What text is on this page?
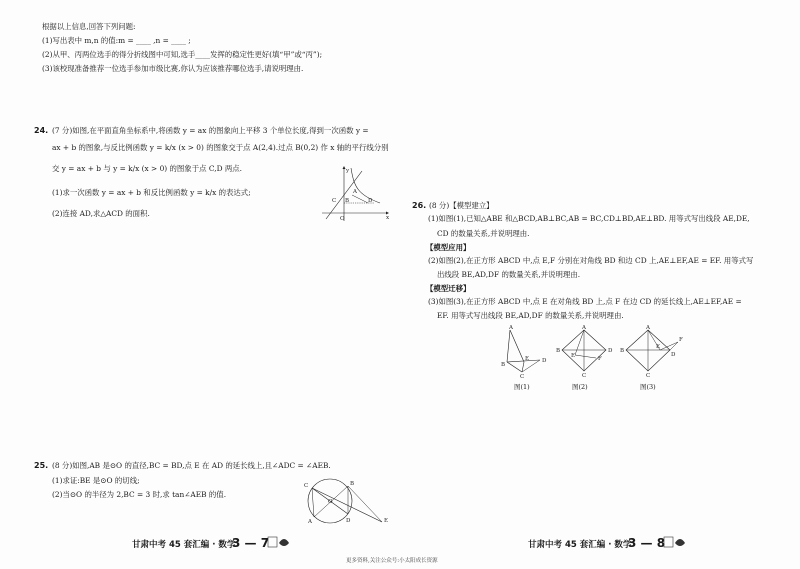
根据以上信息,回答下列问题:
(1)写出表中 m,n 的值:m = ____ ,n = ____ ;
(2)从甲、丙两位选手的得分折线图中可知,选手____发挥的稳定性更好(填“甲”或“丙”);
(3)该校现准备推荐一位选手参加市级比赛,你认为应该推荐哪位选手,请说明理由.
24. (7 分)如图,在平面直角坐标系中,将函数 y = ax 的图象向上平移 3 个单位长度,得到一次函数 y =
ax + b 的图象,与反比例函数 y = k/x (x > 0) 的图象交于点 A(2,4).过点 B(0,2) 作 x 轴的平行线分别
交 y = ax + b 与 y = k/x (x > 0) 的图象于点 C,D 两点.
(1)求一次函数 y = ax + b 和反比例函数 y = k/x 的表达式;
(2)连接 AD,求△ACD 的面积.
y
x
A
B
C	D
O
25. (8 分)如图,AB 是⊙O 的直径,BC = BD,点 E 在 AD 的延长线上,且∠ADC = ∠AEB.
(1)求证:BE 是⊙O 的切线;
(2)当⊙O 的半径为 2,BC = 3 时,求 tan∠AEB 的值.
C	B
O
A	D	E
26. (8 分)【模型建立】
(1)如图(1),已知△ABE 和△BCD,AB⊥BC,AB = BC,CD⊥BD,AE⊥BD. 用等式写出线段 AE,DE,
CD 的数量关系,并说明理由.
【模型应用】
(2)如图(2),在正方形 ABCD 中,点 E,F 分别在对角线 BD 和边 CD 上,AE⊥EF,AE = EF. 用等式写
出线段 BE,AD,DF 的数量关系,并说明理由.
【模型迁移】
(3)如图(3),在正方形 ABCD 中,点 E 在对角线 BD 上,点 F 在边 CD 的延长线上,AE⊥EF,AE =
EF. 用等式写出线段 BE,AD,DF 的数量关系,并说明理由.
A
B
E D
C
图(1)
A
B	D
C
E	F
图(2)
A
B
D
C
E
F
图(3)
甘肃中考 45 套汇编 · 数学
3 — 7	甘肃中考 45 套汇编 · 数学
3 — 8
更多资料,关注公众号:小太阳成长资源
